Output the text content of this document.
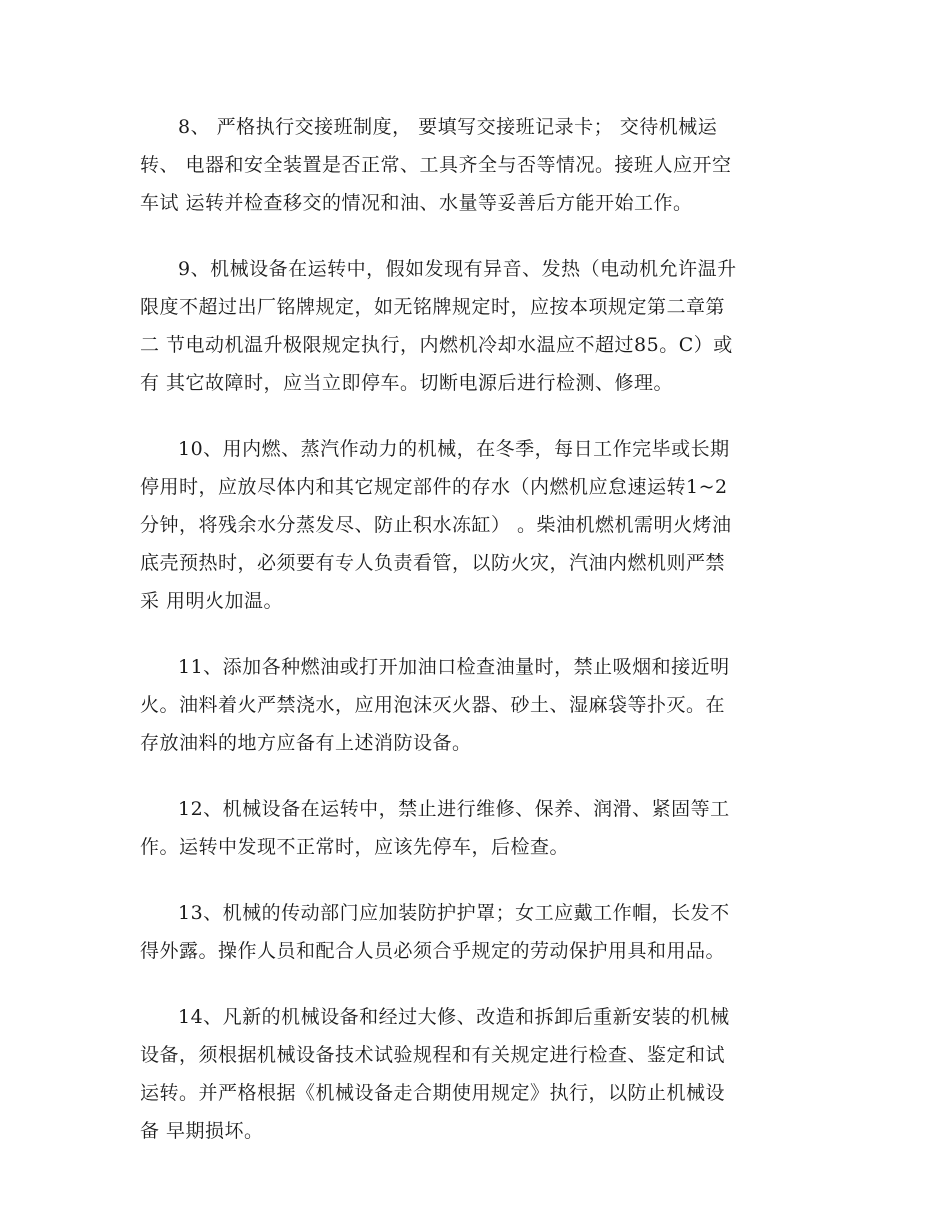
8、 严格执行交接班制度， 要填写交接班记录卡； 交待机械运
转、 电器和安全装置是否正常、工具齐全与否等情况。接班人应开空
车试 运转并检查移交的情况和油、水量等妥善后方能开始工作。

9、机械设备在运转中，假如发现有异音、发热（电动机允许温升
限度不超过出厂铭牌规定，如无铭牌规定时，应按本项规定第二章第
二 节电动机温升极限规定执行，内燃机冷却水温应不超过85。C）或
有 其它故障时，应当立即停车。切断电源后进行检测、修理。

10、用内燃、蒸汽作动力的机械，在冬季，每日工作完毕或长期
停用时，应放尽体内和其它规定部件的存水（内燃机应怠速运转1~2
分钟，将残余水分蒸发尽、防止积水冻缸） 。柴油机燃机需明火烤油
底壳预热时，必须要有专人负责看管，以防火灾，汽油内燃机则严禁
采 用明火加温。

11、添加各种燃油或打开加油口检查油量时，禁止吸烟和接近明
火。油料着火严禁浇水，应用泡沫灭火器、砂土、湿麻袋等扑灭。在
存放油料的地方应备有上述消防设备。

12、机械设备在运转中，禁止进行维修、保养、润滑、紧固等工
作。运转中发现不正常时，应该先停车，后检查。

13、机械的传动部门应加装防护护罩；女工应戴工作帽，长发不
得外露。操作人员和配合人员必须合乎规定的劳动保护用具和用品。

14、凡新的机械设备和经过大修、改造和拆卸后重新安装的机械
设备，须根据机械设备技术试验规程和有关规定进行检查、鉴定和试
运转。并严格根据《机械设备走合期使用规定》执行，以防止机械设
备 早期损坏。
